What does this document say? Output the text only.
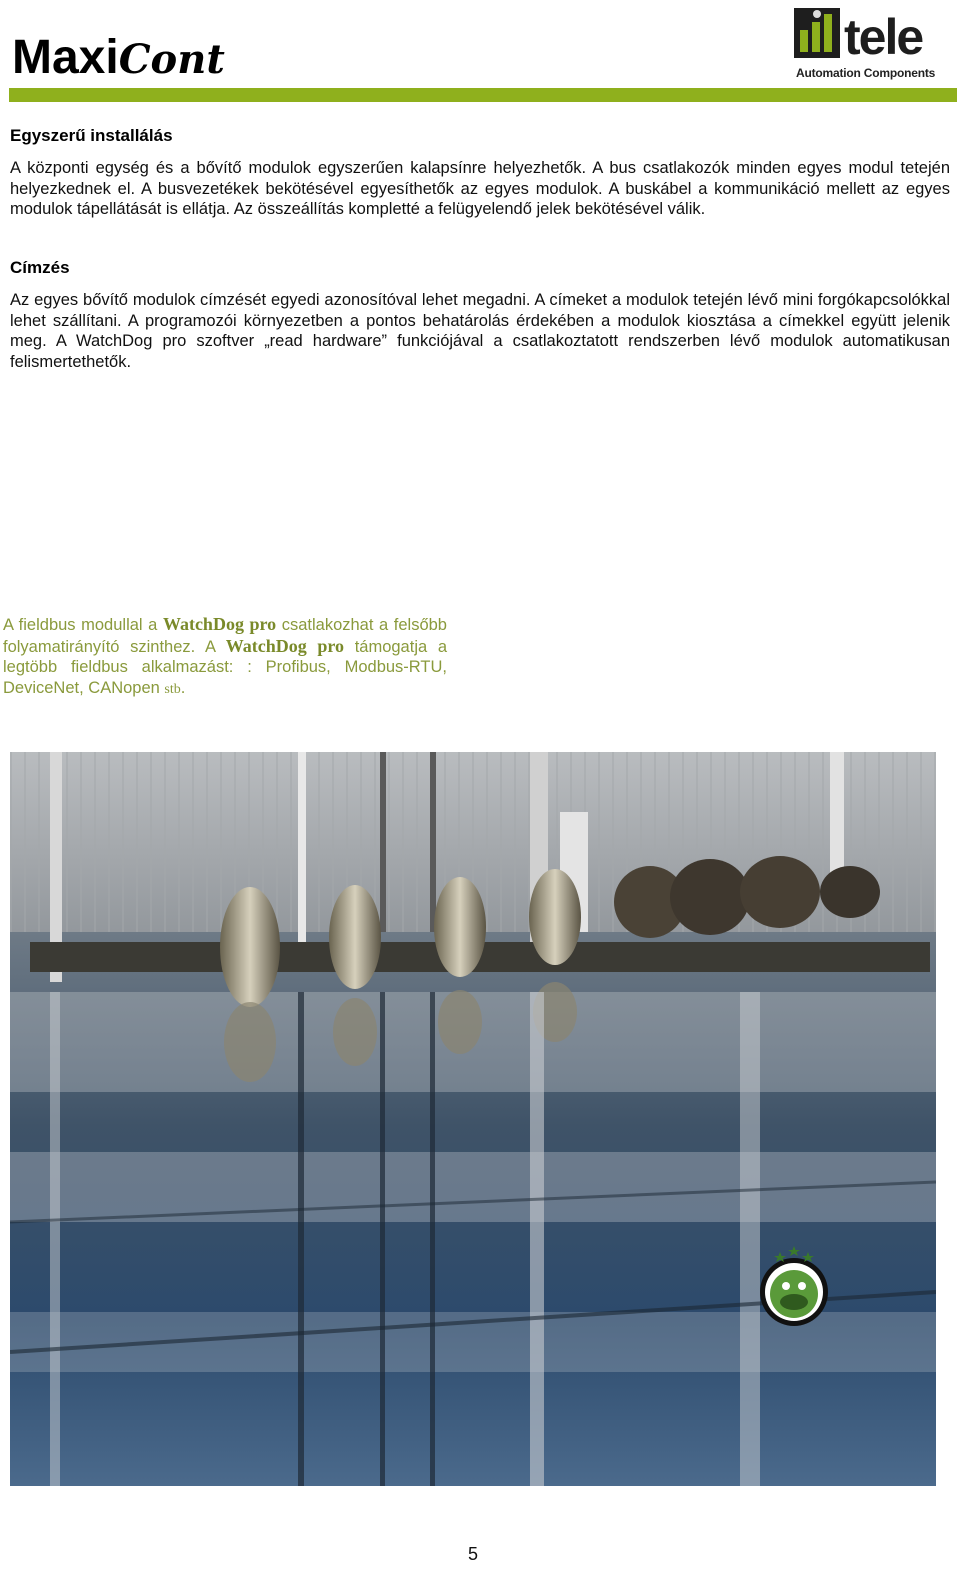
MaxiCont	tele
Automation Components
Egyszerű installálás

A központi egység és a bővítő modulok egyszerűen kalapsínre helyezhetők. A bus csatlakozók minden egyes modul tetején helyezkednek el. A busvezetékek bekötésével egyesíthetők az egyes modulok. A buskábel a kommunikáció mellett az egyes modulok tápellátását is ellátja. Az összeállítás kompletté a felügyelendő jelek bekötésével válik.

Címzés

Az egyes bővítő modulok címzését egyedi azonosítóval lehet megadni. A címeket a modulok tetején lévő mini forgókapcsolókkal lehet szállítani. A programozói környezetben a pontos behatárolás érdekében a modulok kiosztása a címekkel együtt jelenik meg. A WatchDog pro szoftver „read hardware” funkciójával a csatlakoztatott rendszerben lévő modulok automatikusan felismertethetők.

A fieldbus modullal a WatchDog pro csatlakozhat a felsőbb folyamatirányító szinthez. A WatchDog pro támogatja a legtöbb fieldbus alkalmazást: : Profibus, Modbus-RTU, DeviceNet, CANopen stb.

5
